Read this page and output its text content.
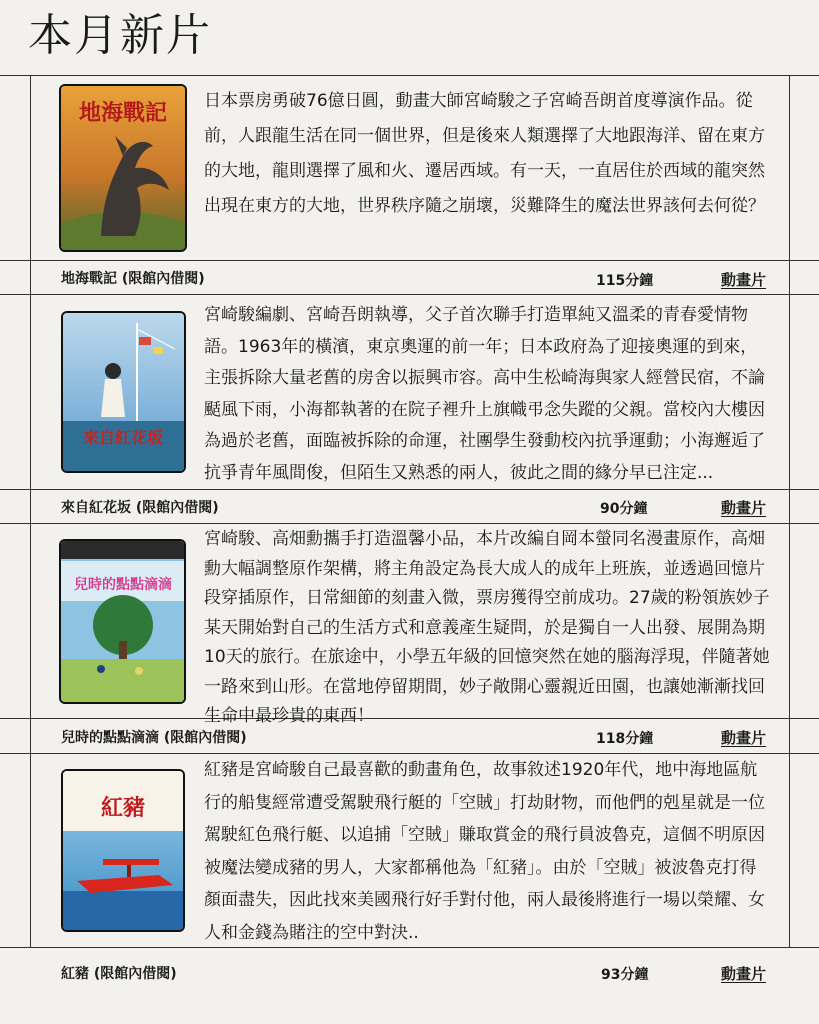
本月新片
地海戰記 日本票房勇破76億日圓，動畫大師宮崎駿之子宮崎吾朗首度導演作品。從前，人跟龍生活在同一個世界，但是後來人類選擇了大地跟海洋、留在東方的大地，龍則選擇了風和火、遷居西域。有一天，一直居住於西域的龍突然出現在東方的大地，世界秩序隨之崩壞，災難降生的魔法世界該何去何從？

地海戰記 (限館內借閱)	115分鐘	動畫片
來自紅花坂

宮崎駿編劇、宮崎吾朗執導，父子首次聯手打造單純又溫柔的青春愛情物語。1963年的橫濱，東京奧運的前一年；日本政府為了迎接奧運的到來，主張拆除大量老舊的房舍以振興市容。高中生松崎海與家人經營民宿，不論颳風下雨，小海都執著的在院子裡升上旗幟弔念失蹤的父親。當校內大樓因為過於老舊，面臨被拆除的命運，社團學生發動校內抗爭運動；小海邂逅了抗爭青年風間俊，但陌生又熟悉的兩人，彼此之間的緣分早已注定...

來自紅花坂 (限館內借閱)	90分鐘	動畫片
兒時的點點滴滴

宮崎駿、高畑勳攜手打造溫馨小品，本片改編自岡本螢同名漫畫原作，高畑勳大幅調整原作架構，將主角設定為長大成人的成年上班族，並透過回憶片段穿插原作，日常細節的刻畫入微，票房獲得空前成功。27歲的粉領族妙子某天開始對自己的生活方式和意義產生疑問，於是獨自一人出發、展開為期10天的旅行。在旅途中，小學五年級的回憶突然在她的腦海浮現，伴隨著她一路來到山形。在當地停留期間，妙子敞開心靈親近田園，也讓她漸漸找回生命中最珍貴的東西！

兒時的點點滴滴 (限館內借閱)	118分鐘	動畫片
紅豬

紅豬是宮崎駿自己最喜歡的動畫角色，故事敘述1920年代，地中海地區航行的船隻經常遭受駕駛飛行艇的「空賊」打劫財物，而他們的剋星就是一位駕駛紅色飛行艇、以追捕「空賊」賺取賞金的飛行員波魯克，這個不明原因被魔法變成豬的男人，大家都稱他為「紅豬」。由於「空賊」被波魯克打得顏面盡失，因此找來美國飛行好手對付他，兩人最後將進行一場以榮耀、女人和金錢為賭注的空中對決..

紅豬 (限館內借閱)	93分鐘	動畫片
